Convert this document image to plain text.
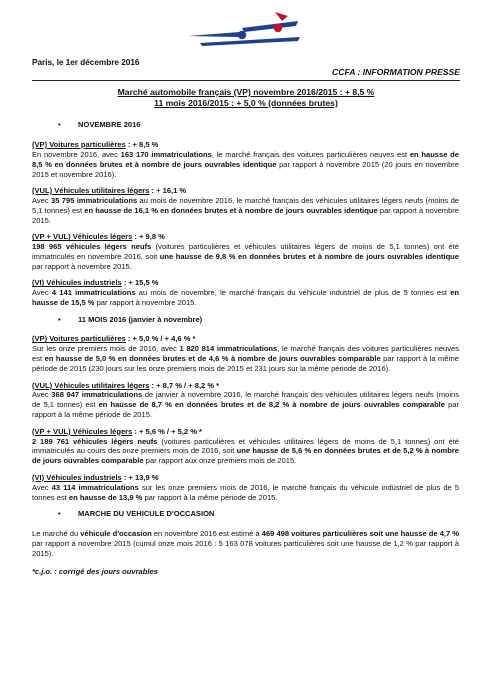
Paris, le 1er décembre 2016
CCFA : INFORMATION PRESSE
Marché automobile français (VP) novembre 2016/2015 : + 8,5 %
11 mois 2016/2015 : + 5,0 % (données brutes)
• NOVEMBRE 2016
(VP) Voitures particulières : + 8,5 %
En novembre 2016, avec 163 170 immatriculations, le marché français des voitures particulières neuves est en hausse de 8,5 % en données brutes et à nombre de jours ouvrables identique par rapport à novembre 2015 (20 jours en novembre 2015 et novembre 2016).
(VUL) Véhicules utilitaires légers : + 16,1 %
Avec 35 795 immatriculations au mois de novembre 2016, le marché français des véhicules utilitaires légers neufs (moins de 5,1 tonnes) est en hausse de 16,1 % en données brutes et à nombre de jours ouvrables identique par rapport à novembre 2015.
(VP + VUL) Véhicules légers : + 9,8 %
198 965 véhicules légers neufs (voitures particulières et véhicules utilitaires légers de moins de 5,1 tonnes) ont été immatriculés en novembre 2016, soit une hausse de 9,8 % en données brutes et à nombre de jours ouvrables identique par rapport à novembre 2015.
(VI) Véhicules industriels : + 15,5 %
Avec 4 141 immatriculations au mois de novembre, le marché français du véhicule industriel de plus de 5 tonnes est en hausse de 15,5 % par rapport à novembre 2015.
• 11 MOIS 2016 (janvier à novembre)
(VP) Voitures particulières : + 5,0 % / + 4,6 % *
Sur les onze premiers mois de 2016, avec 1 820 814 immatriculations, le marché français des voitures particulières neuves est en hausse de 5,0 % en données brutes et de 4,6 % à nombre de jours ouvrables comparable par rapport à la même période de 2015 (230 jours sur les onze premiers mois de 2015 et 231 jours sur la même période de 2016).
(VUL) Véhicules utilitaires légers : + 8,7 % / + 8,2 % *
Avec 368 947 immatriculations de janvier à novembre 2016, le marché français des véhicules utilitaires légers neufs (moins de 5,1 tonnes) est en hausse de 8,7 % en données brutes et de 8,2 % à nombre de jours ouvrables comparable par rapport à la même période de 2015.
(VP + VUL) Véhicules légers : + 5,6 % / + 5,2 % *
2 189 761 véhicules légers neufs (voitures particulières et véhicules utilitaires légers de moins de 5,1 tonnes) ont été immatriculés au cours des onze premiers mois de 2016, soit une hausse de 5,6 % en données brutes et de 5,2 % à nombre de jours ouvrables comparable par rapport aux onze premiers mois de 2015.
(VI) Véhicules industriels : + 13,9 %
Avec 43 114 immatriculations sur les onze premiers mois de 2016, le marché français du véhicule industriel de plus de 5 tonnes est en hausse de 13,9 % par rapport à la même période de 2015.
• MARCHE DU VEHICULE D'OCCASION
Le marché du véhicule d'occasion en novembre 2016 est estimé à 469 498 voitures particulières soit une hausse de 4,7 % par rapport à novembre 2015 (cumul onze mois 2016 : 5 163 078 voitures particulières soit une hausse de 1,2 % par rapport à 2015).
*c.j.o. : corrigé des jours ouvrables
